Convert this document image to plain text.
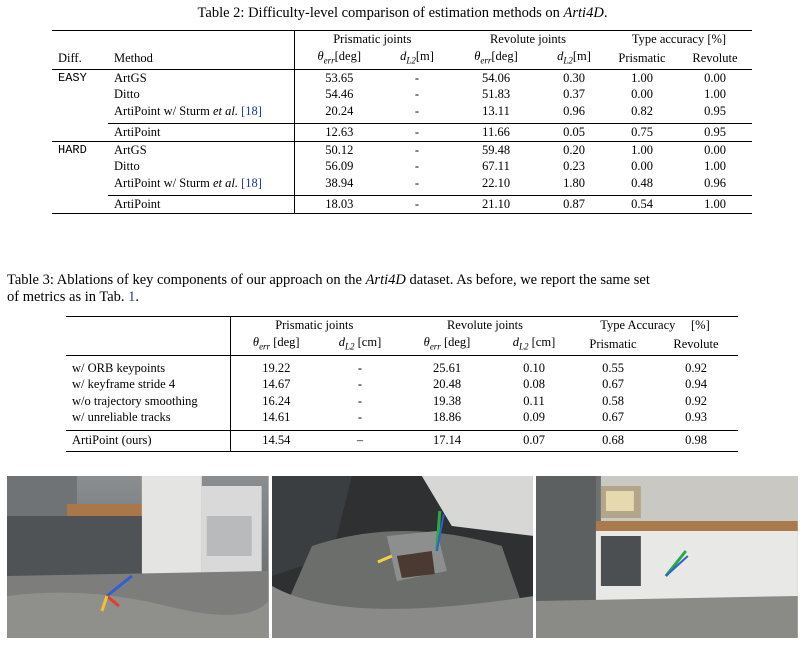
Table 2: Difficulty-level comparison of estimation methods on Arti4D.
		Prismatic joints		Revolute joints		Type accuracy [%]	
Diff.	Method	$\theta_{err}[deg]$	$d_{L2}[m]$	$\theta_{err}[deg]$	$d_{L2}[m]$	Prismatic	Revolute
EASY	ArtGS	53.65	-	54.06	0.30	1.00	0.00
	Ditto	54.46	-	51.83	0.37	0.00	1.00
	ArtiPoint w/ Sturm et al. [18]	20.24	-	13.11	0.96	0.82	0.95

	ArtiPoint	12.63	-	11.66	0.05	0.75	0.95
HARD	ArtGS	50.12	-	59.48	0.20	1.00	0.00
	Ditto	56.09	-	67.11	0.23	0.00	1.00
	ArtiPoint w/ Sturm et al. [18]	38.94	-	22.10	1.80	0.48	0.96

	ArtiPoint	18.03	-	21.10	0.87	0.54	1.00
Table 3: Ablations of key components of our approach on the Arti4D dataset. As before, we report the same set
of metrics as in Tab. 1.
	Prismatic joints		Revolute joints		Type Accuracy [%]	
	$\theta_{err}$ [deg]	$d_{L2}$ [cm]	$\theta_{err}$ [deg]	$d_{L2}$ [cm]	Prismatic	Revolute

w/ ORB keypoints	19.22	-	25.61	0.10	0.55	0.92
w/ keyframe stride 4	14.67	-	20.48	0.08	0.67	0.94
w/o trajectory smoothing	16.24	-	19.38	0.11	0.58	0.92
w/ unreliable tracks	14.61	-	18.86	0.09	0.67	0.93

ArtiPoint (ours)	14.54	–	17.14	0.07	0.68	0.98
